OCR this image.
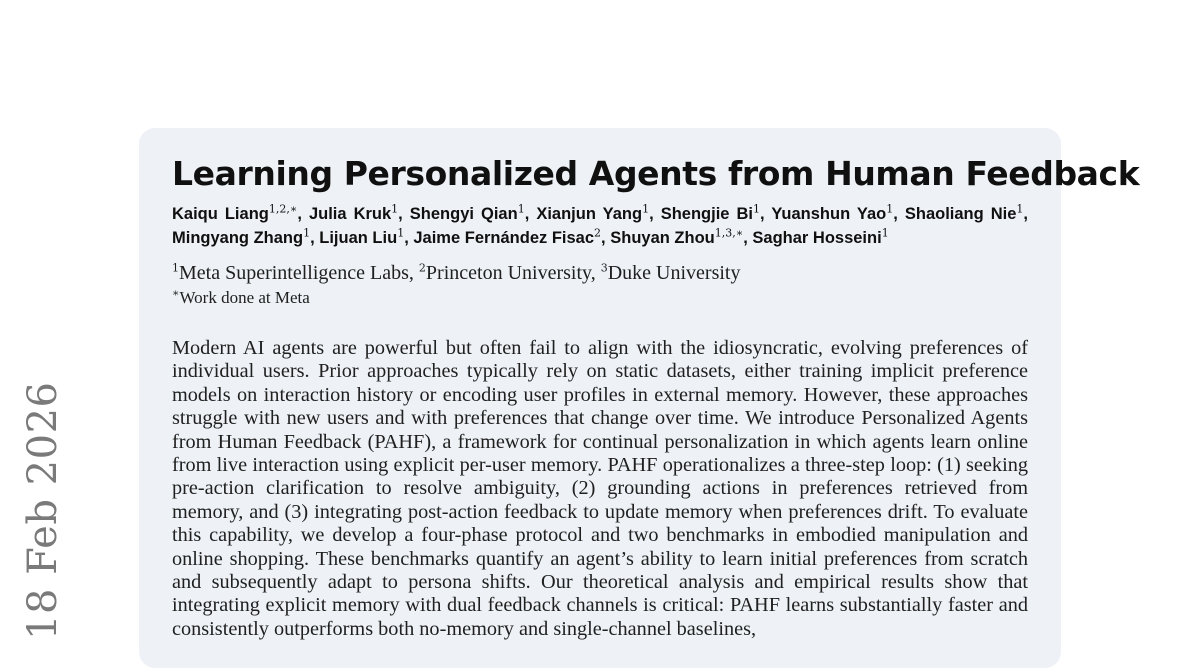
18 Feb 2026
Learning Personalized Agents from Human Feedback
Kaiqu Liang$^{1,2,∗}$, Julia Kruk$^1$, Shengyi Qian$^1$, Xianjun Yang$^1$, Shengjie Bi$^1$, Yuanshun Yao$^1$, Shaoliang Nie$^1$, Mingyang Zhang$^1$, Lijuan Liu$^1$, Jaime Fernández Fisac$^2$, Shuyan Zhou$^{1,3,∗}$, Saghar Hosseini$^1$
$^1$Meta Superintelligence Labs, $^2$Princeton University, $^3$Duke University
∗Work done at Meta

Modern AI agents are powerful but often fail to align with the idiosyncratic, evolving preferences of individual users. Prior approaches typically rely on static datasets, either training implicit preference models on interaction history or encoding user profiles in external memory. However, these approaches struggle with new users and with preferences that change over time. We introduce Personalized Agents from Human Feedback (PAHF), a framework for continual personalization in which agents learn online from live interaction using explicit per-user memory. PAHF operationalizes a three-step loop: (1) seeking pre-action clarification to resolve ambiguity, (2) grounding actions in preferences retrieved from memory, and (3) integrating post-action feedback to update memory when preferences drift. To evaluate this capability, we develop a four-phase protocol and two benchmarks in embodied manipulation and online shopping. These benchmarks quantify an agent’s ability to learn initial preferences from scratch and subsequently adapt to persona shifts. Our theoretical analysis and empirical results show that integrating explicit memory with dual feedback channels is critical: PAHF learns substantially faster and consistently outperforms both no-memory and single-channel baselines,
